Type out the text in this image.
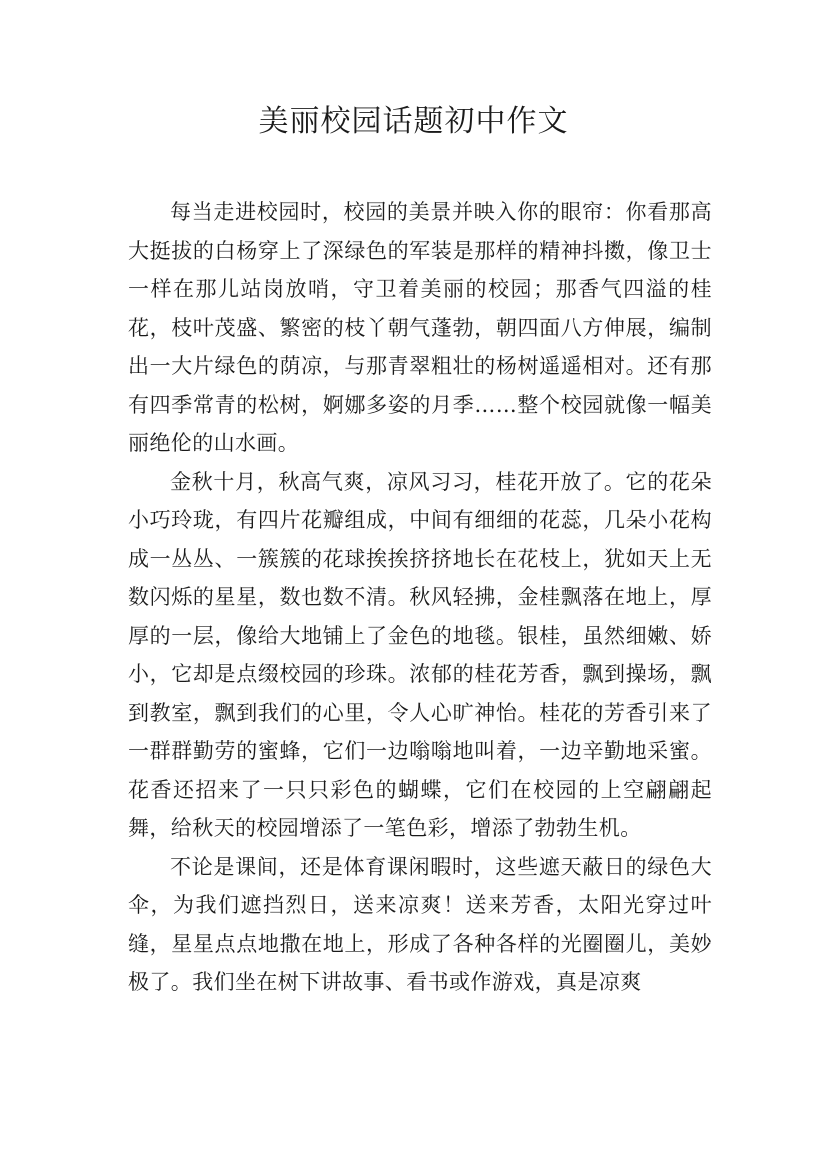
美丽校园话题初中作文

每当走进校园时，校园的美景并映入你的眼帘：你看那高大挺拔的白杨穿上了深绿色的军装是那样的精神抖擞，像卫士一样在那儿站岗放哨，守卫着美丽的校园；那香气四溢的桂花，枝叶茂盛、繁密的枝丫朝气蓬勃，朝四面八方伸展，编制出一大片绿色的荫凉，与那青翠粗壮的杨树遥遥相对。还有那有四季常青的松树，婀娜多姿的月季……整个校园就像一幅美丽绝伦的山水画。

金秋十月，秋高气爽，凉风习习，桂花开放了。它的花朵小巧玲珑，有四片花瓣组成，中间有细细的花蕊，几朵小花构成一丛丛、一簇簇的花球挨挨挤挤地长在花枝上，犹如天上无数闪烁的星星，数也数不清。秋风轻拂，金桂飘落在地上，厚厚的一层，像给大地铺上了金色的地毯。银桂，虽然细嫩、娇小，它却是点缀校园的珍珠。浓郁的桂花芳香，飘到操场，飘到教室，飘到我们的心里，令人心旷神怡。桂花的芳香引来了一群群勤劳的蜜蜂，它们一边嗡嗡地叫着，一边辛勤地采蜜。花香还招来了一只只彩色的蝴蝶，它们在校园的上空翩翩起舞，给秋天的校园增添了一笔色彩，增添了勃勃生机。

不论是课间，还是体育课闲暇时，这些遮天蔽日的绿色大伞，为我们遮挡烈日，送来凉爽！送来芳香，太阳光穿过叶缝，星星点点地撒在地上，形成了各种各样的光圈圈儿，美妙极了。我们坐在树下讲故事、看书或作游戏，真是凉爽
